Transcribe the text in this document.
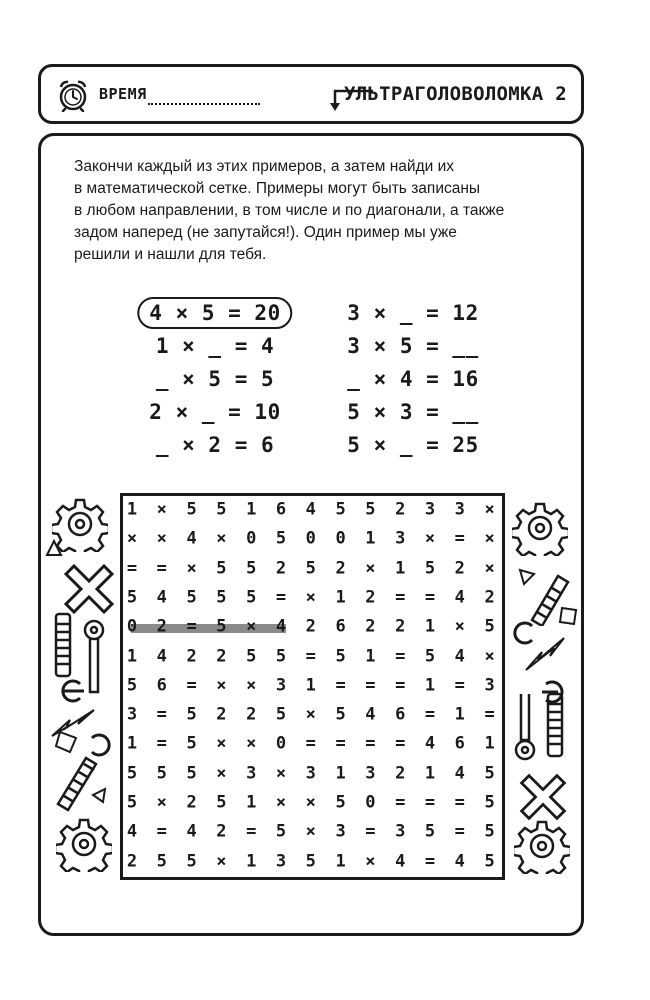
ВРЕМЯ	УЛЬТРАГОЛОВОЛОМКА 2
Закончи каждый из этих примеров, а затем найди их
в математической сетке. Примеры могут быть записаны
в любом направлении, в том числе и по диагонали, а также
задом наперед (не запутайся!). Один пример мы уже
решили и нашли для тебя.
4 × 5 = 20
1 × _ = 4
_ × 5 = 5
2 × _ = 10
_ × 2 = 6
3 × _ = 12
3 × 5 = __
_ × 4 = 16
5 × 3 = __
5 × _ = 25
1	×	5	5	1	6	4	5	5	2	3	3	×
×	×	4	×	0	5	0	0	1	3	×	=	×
=	=	×	5	5	2	5	2	×	1	5	2	×
5	4	5	5	5	=	×	1	2	=	=	4	2
0	2	=	5	×	4	2	6	2	2	1	×	5
1	4	2	2	5	5	=	5	1	=	5	4	×
5	6	=	×	×	3	1	=	=	=	1	=	3
3	=	5	2	2	5	×	5	4	6	=	1	=
1	=	5	×	×	0	=	=	=	=	4	6	1
5	5	5	×	3	×	3	1	3	2	1	4	5
5	×	2	5	1	×	×	5	0	=	=	=	5
4	=	4	2	=	5	×	3	=	3	5	=	5
2	5	5	×	1	3	5	1	×	4	=	4	5
